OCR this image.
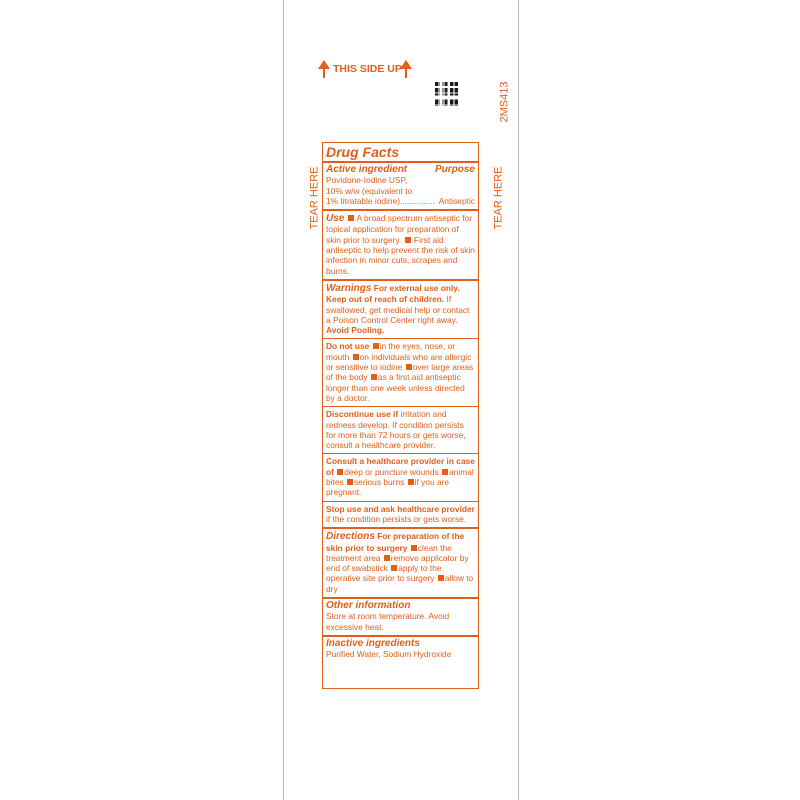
THIS SIDE UP
TEAR HERE	TEAR HERE
2MS413
Drug Facts
Active ingredient	Purpose
Povidone-Iodine USP,
10% w/w (equivalent to
1% titratable iodine)............... Antiseptic
Use A broad spectrum antiseptic for topical application for preparation of skin prior to surgery. First aid antiseptic to help prevent the risk of skin infection in minor cuts, scrapes and burns.
Warnings For external use only. Keep out of reach of children. If swallowed, get medical help or contact a Poison Control Center right away. Avoid Pooling.
Do not use in the eyes, nose, or mouth on individuals who are allergic or sensitive to iodine over large areas of the body as a first aid antiseptic longer than one week unless directed by a doctor.
Discontinue use if irritation and redness develop. If condition persists for more than 72 hours or gets worse, consult a healthcare provider.
Consult a healthcare provider in case of deep or puncture wounds animal bites serious burns if you are pregnant.
Stop use and ask healthcare provider if the condition persists or gets worse.
Directions For preparation of the skin prior to surgery clean the treatment area remove applicator by end of swabstick apply to the operative site prior to surgery allow to dry
Other information
Store at room temperature. Avoid excessive heat.
Inactive ingredients
Purified Water, Sodium Hydroxide
